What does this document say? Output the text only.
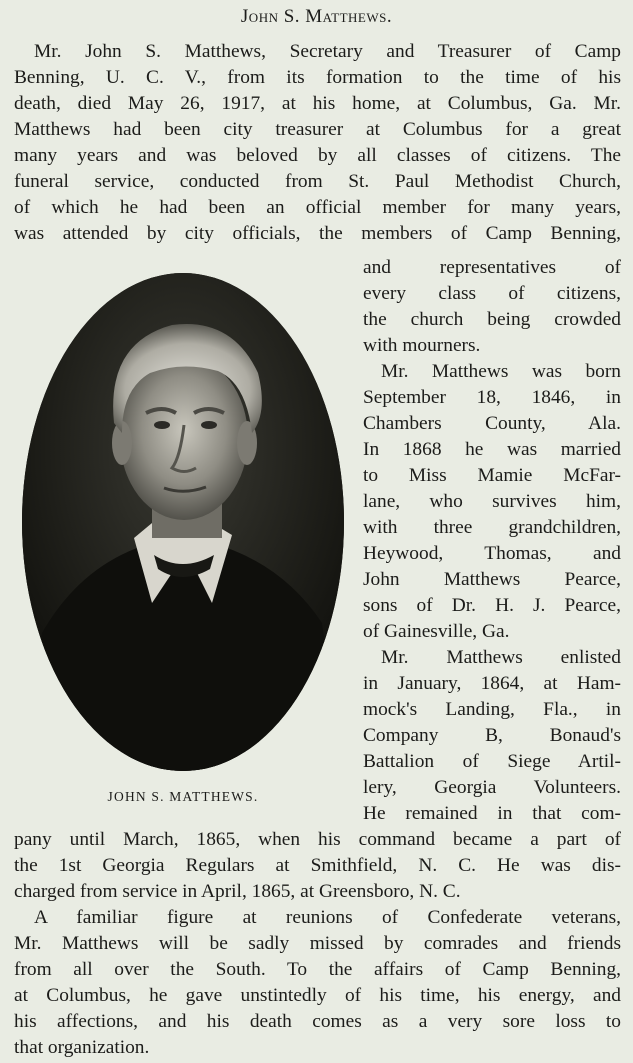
John S. Matthews.
Mr. John S. Matthews, Secretary and Treasurer of Camp
Benning, U. C. V., from its formation to the time of his
death, died May 26, 1917, at his home, at Columbus, Ga. Mr.
Matthews had been city treasurer at Columbus for a great
many years and was beloved by all classes of citizens. The
funeral service, conducted from St. Paul Methodist Church,
of which he had been an official member for many years,
was attended by city officials, the members of Camp Benning,
and representatives of
every class of citizens,
the church being crowded
with mourners.
Mr. Matthews was born
September 18, 1846, in
Chambers County, Ala.
In 1868 he was married
to Miss Mamie McFar-
lane, who survives him,
with three grandchildren,
Heywood, Thomas, and
John Matthews Pearce,
sons of Dr. H. J. Pearce,
of Gainesville, Ga.
Mr. Matthews enlisted
in January, 1864, at Ham-
mock's Landing, Fla., in
Company B, Bonaud's
Battalion of Siege Artil-
lery, Georgia Volunteers.
He remained in that com-
JOHN S. MATTHEWS.
pany until March, 1865, when his command became a part of
the 1st Georgia Regulars at Smithfield, N. C. He was dis-
charged from service in April, 1865, at Greensboro, N. C.
A familiar figure at reunions of Confederate veterans,
Mr. Matthews will be sadly missed by comrades and friends
from all over the South. To the affairs of Camp Benning,
at Columbus, he gave unstintedly of his time, his energy, and
his affections, and his death comes as a very sore loss to
that organization.
